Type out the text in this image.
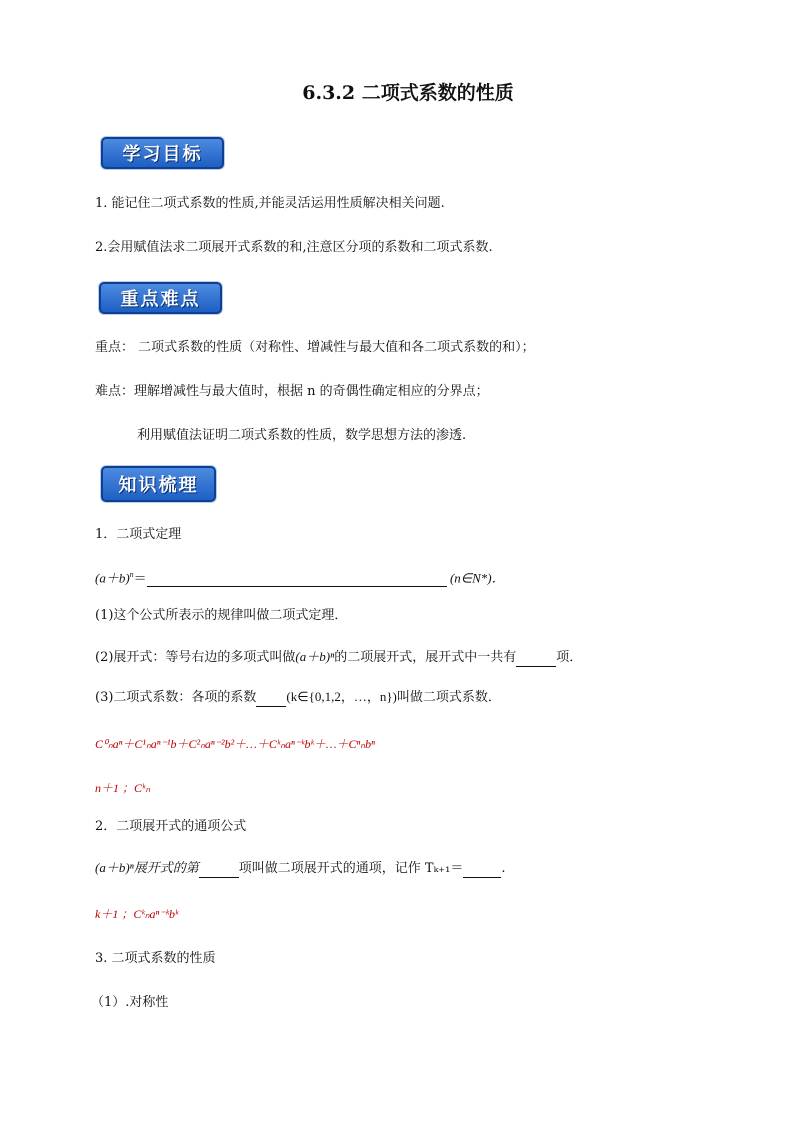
6.3.2 二项式系数的性质
学习目标
1. 能记住二项式系数的性质,并能灵活运用性质解决相关问题.
2.会用赋值法求二项展开式系数的和,注意区分项的系数和二项式系数.
重点难点
重点： 二项式系数的性质（对称性、增减性与最大值和各二项式系数的和）；
难点：理解增减性与最大值时，根据 n 的奇偶性确定相应的分界点；
利用赋值法证明二项式系数的性质，数学思想方法的渗透.
知识梳理
1．二项式定理
$(a+b)^n=$	(n∈N*)．
(1)这个公式所表示的规律叫做二项式定理．
(2)展开式：等号右边的多项式叫做(a＋b)ⁿ的二项展开式，展开式中一共有	项．
(3)二项式系数：各项的系数 (k∈{0,1,2，…，n})叫做二项式系数．
C⁰ₙaⁿ＋C¹ₙaⁿ⁻¹b＋C²ₙaⁿ⁻²b²＋…＋Cᵏₙaⁿ⁻ᵏbᵏ＋…＋Cⁿₙbⁿ
n＋1 ；Cᵏₙ
2．二项展开式的通项公式
(a＋b)ⁿ展开式的第	项叫做二项展开式的通项，记作 Tₖ₊₁＝	.
k＋1 ；Cᵏₙaⁿ⁻ᵏbᵏ
3. 二项式系数的性质
（1）.对称性
